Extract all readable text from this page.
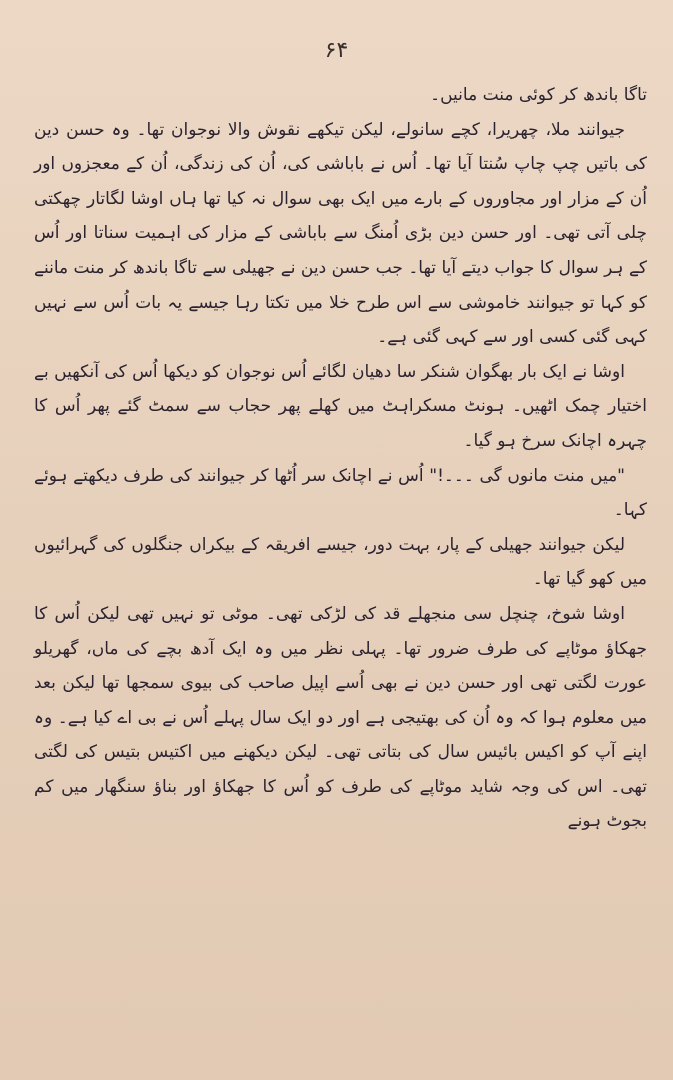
۶۴

تاگا باندھ کر کوئی منت مانیں۔

جیوانند ملا، چھریرا، کچے سانولے، لیکن تیکھے نقوش والا نوجوان تھا۔ وہ حسن دین کی باتیں چپ چاپ سُنتا آیا تھا۔ اُس نے باباشی کی، اُن کی زندگی، اُن کے معجزوں اور اُن کے مزار اور مجاوروں کے بارے میں ایک بھی سوال نہ کیا تھا ہاں اوشا لگاتار چھکتی چلی آتی تھی۔ اور حسن دین بڑی اُمنگ سے باباشی کے مزار کی اہمیت سناتا اور اُس کے ہر سوال کا جواب دیتے آیا تھا۔ جب حسن دین نے جھیلی سے تاگا باندھ کر منت ماننے کو کہا تو جیوانند خاموشی سے اس طرح خلا میں تکتا رہا جیسے یہ بات اُس سے نہیں کہی گئی کسی اور سے کہی گئی ہے۔

اوشا نے ایک بار بھگوان شنکر سا دھیان لگائے اُس نوجوان کو دیکھا اُس کی آنکھیں بے اختیار چمک اٹھیں۔ ہونٹ مسکراہٹ میں کھلے پھر حجاب سے سمٹ گئے پھر اُس کا چہرہ اچانک سرخ ہو گیا۔

"میں منت مانوں گی ۔۔۔!" اُس نے اچانک سر اُٹھا کر جیوانند کی طرف دیکھتے ہوئے کہا۔

لیکن جیوانند جھیلی کے پار، بہت دور، جیسے افریقہ کے بیکراں جنگلوں کی گہرائیوں میں کھو گیا تھا۔

اوشا شوخ، چنچل سی منجھلے قد کی لڑکی تھی۔ موٹی تو نہیں تھی لیکن اُس کا جھکاؤ موٹاپے کی طرف ضرور تھا۔ پہلی نظر میں وہ ایک آدھ بچے کی ماں، گھریلو عورت لگتی تھی اور حسن دین نے بھی اُسے اپیل صاحب کی بیوی سمجھا تھا لیکن بعد میں معلوم ہوا کہ وہ اُن کی بھتیجی ہے اور دو ایک سال پہلے اُس نے بی اے کیا ہے۔ وہ اپنے آپ کو اکیس بائیس سال کی بتاتی تھی۔ لیکن دیکھنے میں اکتیس بتیس کی لگتی تھی۔ اس کی وجہ شاید موٹاپے کی طرف کو اُس کا جھکاؤ اور بناؤ سنگھار میں کم بجوٹ ہونے
